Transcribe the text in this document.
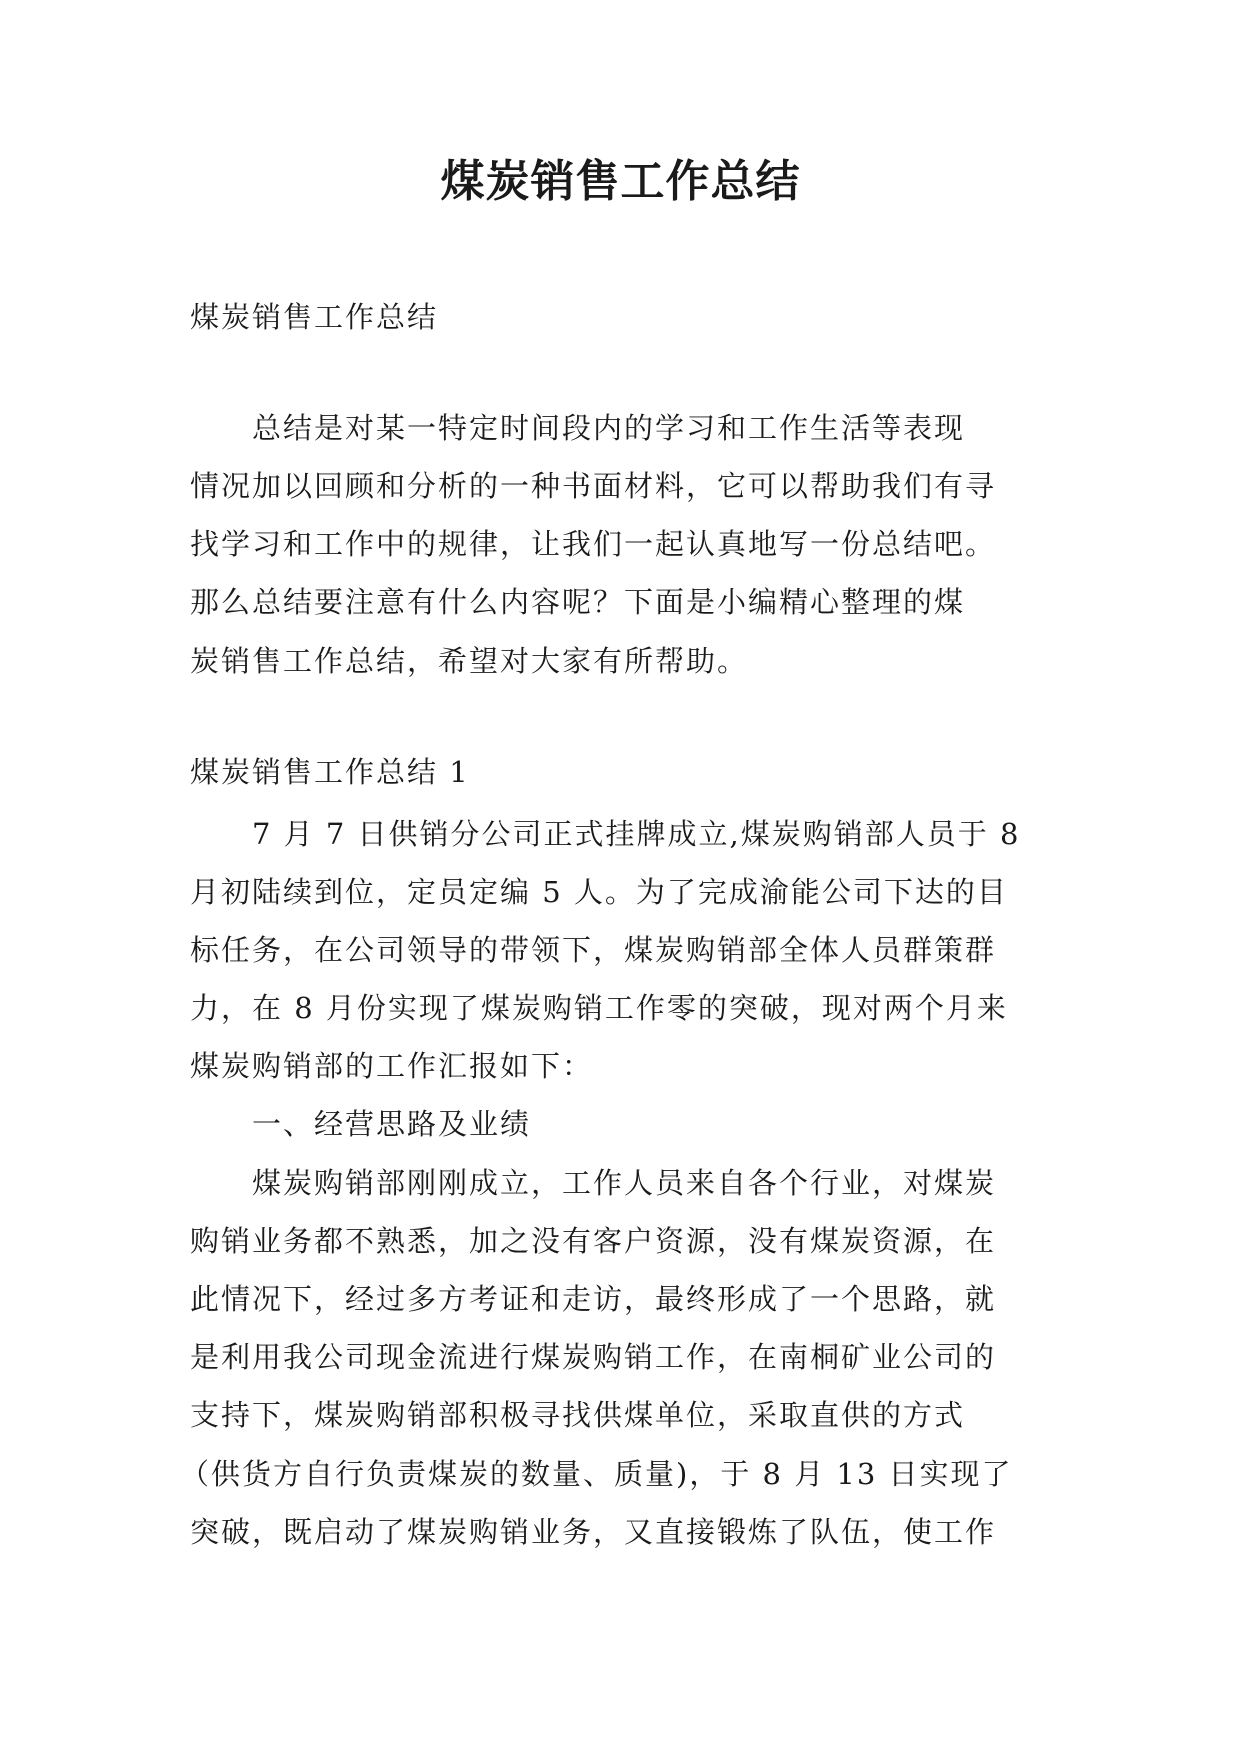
煤炭销售工作总结
煤炭销售工作总结
总结是对某一特定时间段内的学习和工作生活等表现
情况加以回顾和分析的一种书面材料，它可以帮助我们有寻
找学习和工作中的规律，让我们一起认真地写一份总结吧。
那么总结要注意有什么内容呢？下面是小编精心整理的煤
炭销售工作总结，希望对大家有所帮助。
煤炭销售工作总结 1
7 月 7 日供销分公司正式挂牌成立,煤炭购销部人员于 8
月初陆续到位，定员定编 5 人。为了完成渝能公司下达的目
标任务，在公司领导的带领下，煤炭购销部全体人员群策群
力，在 8 月份实现了煤炭购销工作零的突破，现对两个月来
煤炭购销部的工作汇报如下：
一、经营思路及业绩
煤炭购销部刚刚成立，工作人员来自各个行业，对煤炭
购销业务都不熟悉，加之没有客户资源，没有煤炭资源，在
此情况下，经过多方考证和走访，最终形成了一个思路，就
是利用我公司现金流进行煤炭购销工作，在南桐矿业公司的
支持下，煤炭购销部积极寻找供煤单位，采取直供的方式
（供货方自行负责煤炭的数量、质量)，于 8 月 13 日实现了
突破，既启动了煤炭购销业务，又直接锻炼了队伍，使工作
